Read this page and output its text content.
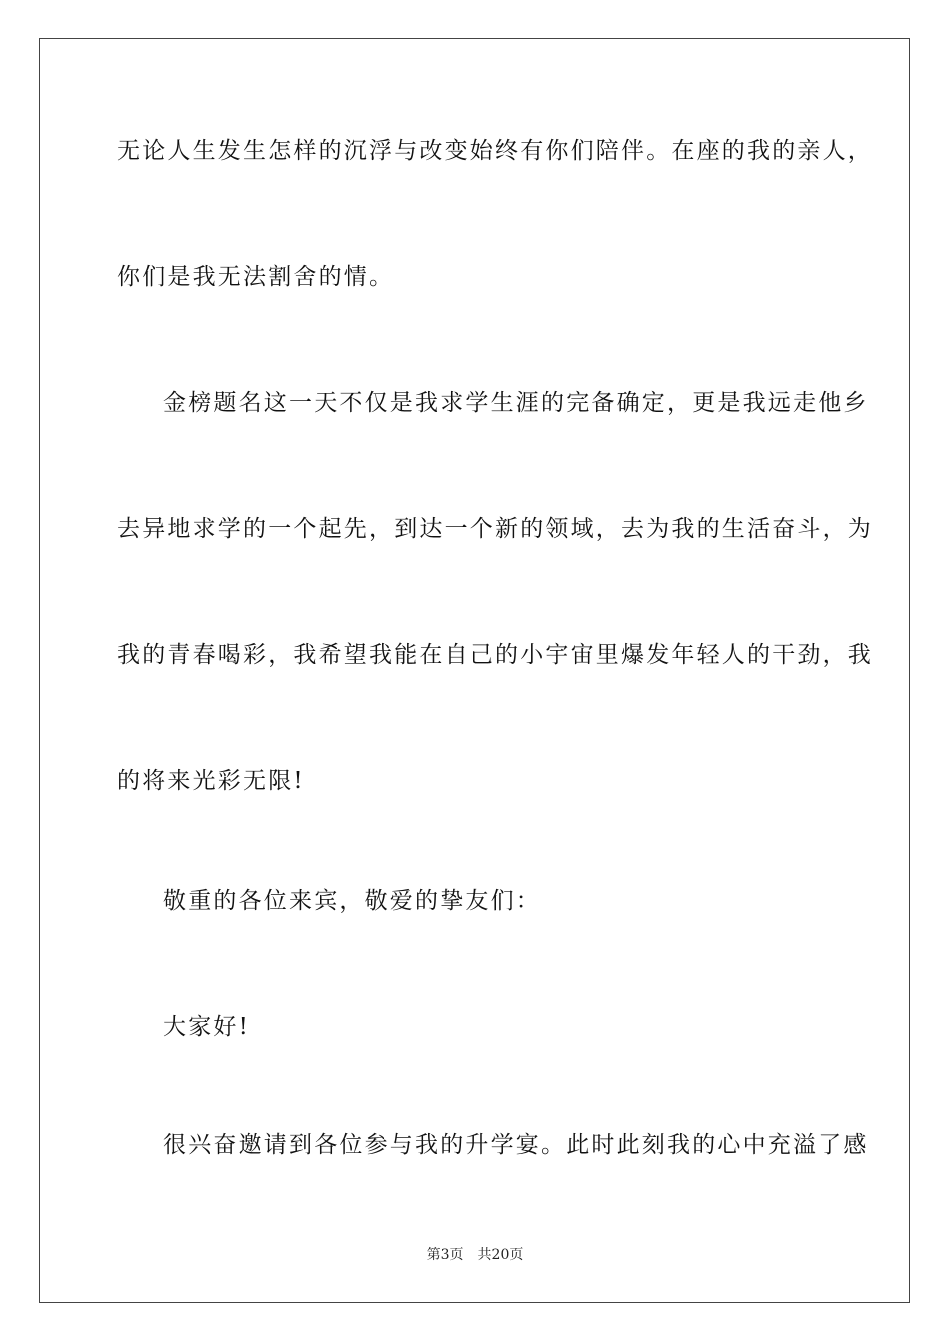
无论人生发生怎样的沉浮与改变始终有你们陪伴。在座的我的亲人，
你们是我无法割舍的情。
金榜题名这一天不仅是我求学生涯的完备确定，更是我远走他乡
去异地求学的一个起先，到达一个新的领域，去为我的生活奋斗，为
我的青春喝彩，我希望我能在自己的小宇宙里爆发年轻人的干劲，我
的将来光彩无限!
敬重的各位来宾，敬爱的挚友们：
大家好!
很兴奋邀请到各位参与我的升学宴。此时此刻我的心中充溢了感
第3页 共20页
